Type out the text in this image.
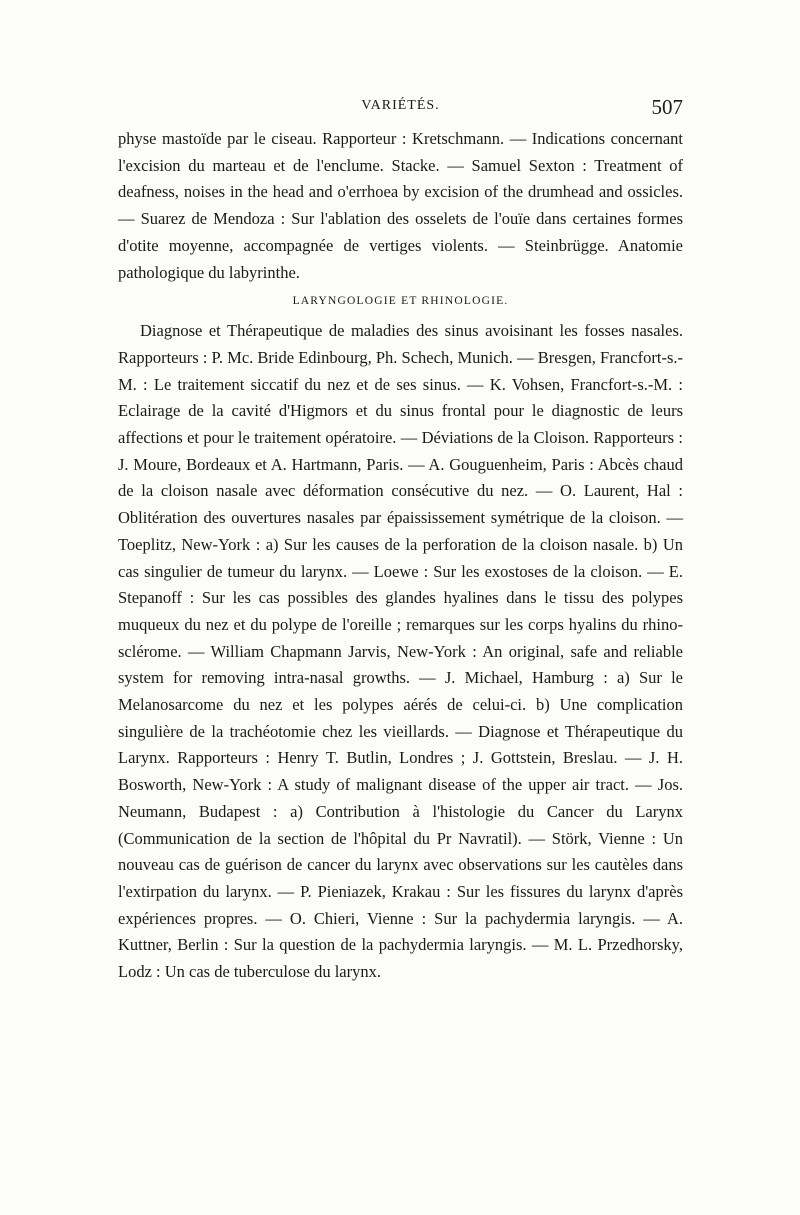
VARIÉTÉS.	507

physe mastoïde par le ciseau. Rapporteur : Kretschmann. — Indications concernant l'excision du marteau et de l'enclume. Stacke. — Samuel Sexton : Treatment of deafness, noises in the head and o'errhoea by excision of the drumhead and ossicles. — Suarez de Mendoza : Sur l'ablation des osselets de l'ouïe dans certaines formes d'otite moyenne, accompagnée de vertiges violents. — Steinbrügge. Anatomie pathologique du labyrinthe.

LARYNGOLOGIE ET RHINOLOGIE.

Diagnose et Thérapeutique de maladies des sinus avoisinant les fosses nasales. Rapporteurs : P. Mc. Bride Edinbourg, Ph. Schech, Munich. — Bresgen, Francfort-s.-M. : Le traitement siccatif du nez et de ses sinus. — K. Vohsen, Francfort-s.-M. : Eclairage de la cavité d'Higmors et du sinus frontal pour le diagnostic de leurs affections et pour le traitement opératoire. — Déviations de la Cloison. Rapporteurs : J. Moure, Bordeaux et A. Hartmann, Paris. — A. Gouguenheim, Paris : Abcès chaud de la cloison nasale avec déformation consécutive du nez. — O. Laurent, Hal : Oblitération des ouvertures nasales par épaississement symétrique de la cloison. — Toeplitz, New-York : a) Sur les causes de la perforation de la cloison nasale. b) Un cas singulier de tumeur du larynx. — Loewe : Sur les exostoses de la cloison. — E. Stepanoff : Sur les cas possibles des glandes hyalines dans le tissu des polypes muqueux du nez et du polype de l'oreille ; remarques sur les corps hyalins du rhino-sclérome. — William Chapmann Jarvis, New-York : An original, safe and reliable system for removing intra-nasal growths. — J. Michael, Hamburg : a) Sur le Melanosarcome du nez et les polypes aérés de celui-ci. b) Une complication singulière de la trachéotomie chez les vieillards. — Diagnose et Thérapeutique du Larynx. Rapporteurs : Henry T. Butlin, Londres ; J. Gottstein, Breslau. — J. H. Bosworth, New-York : A study of malignant disease of the upper air tract. — Jos. Neumann, Budapest : a) Contribution à l'histologie du Cancer du Larynx (Communication de la section de l'hôpital du Pr Navratil). — Störk, Vienne : Un nouveau cas de guérison de cancer du larynx avec observations sur les cautèles dans l'extirpation du larynx. — P. Pieniazek, Krakau : Sur les fissures du larynx d'après expériences propres. — O. Chieri, Vienne : Sur la pachydermia laryngis. — A. Kuttner, Berlin : Sur la question de la pachydermia laryngis. — M. L. Przedhorsky, Lodz : Un cas de tuberculose du larynx.
